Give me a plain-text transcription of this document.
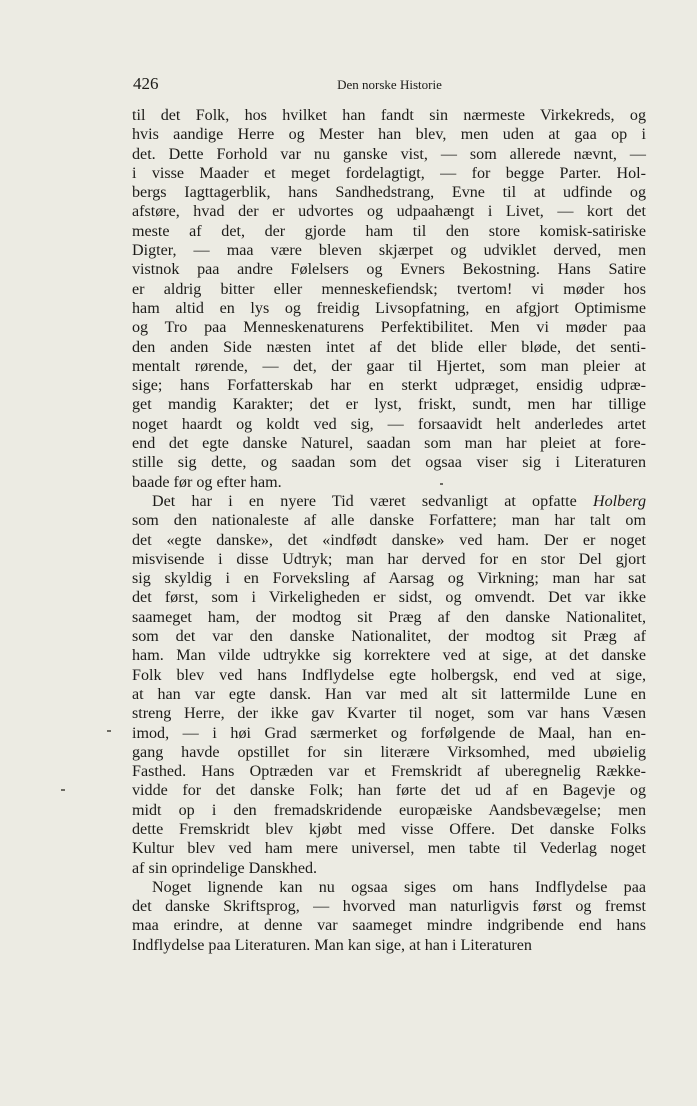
426	Den norske Historie
til det Folk, hos hvilket han fandt sin nærmeste Virkekreds, og
hvis aandige Herre og Mester han blev, men uden at gaa op i
det. Dette Forhold var nu ganske vist, — som allerede nævnt, —
i visse Maader et meget fordelagtigt, — for begge Parter. Hol-
bergs Iagttagerblik, hans Sandhedstrang, Evne til at udfinde og
afstøre, hvad der er udvortes og udpaahængt i Livet, — kort det
meste af det, der gjorde ham til den store komisk-satiriske
Digter, — maa være bleven skjærpet og udviklet derved, men
vistnok paa andre Følelsers og Evners Bekostning. Hans Satire
er aldrig bitter eller menneskefiendsk; tvertom! vi møder hos
ham altid en lys og freidig Livsopfatning, en afgjort Optimisme
og Tro paa Menneskenaturens Perfektibilitet. Men vi møder paa
den anden Side næsten intet af det blide eller bløde, det senti-
mentalt rørende, — det, der gaar til Hjertet, som man pleier at
sige; hans Forfatterskab har en sterkt udpræget, ensidig udpræ-
get mandig Karakter; det er lyst, friskt, sundt, men har tillige
noget haardt og koldt ved sig, — forsaavidt helt anderledes artet
end det egte danske Naturel, saadan som man har pleiet at fore-
stille sig dette, og saadan som det ogsaa viser sig i Literaturen
baade før og efter ham.
Det har i en nyere Tid været sedvanligt at opfatte Holberg
som den nationaleste af alle danske Forfattere; man har talt om
det «egte danske», det «indfødt danske» ved ham. Der er noget
misvisende i disse Udtryk; man har derved for en stor Del gjort
sig skyldig i en Forveksling af Aarsag og Virkning; man har sat
det først, som i Virkeligheden er sidst, og omvendt. Det var ikke
saameget ham, der modtog sit Præg af den danske Nationalitet,
som det var den danske Nationalitet, der modtog sit Præg af
ham. Man vilde udtrykke sig korrektere ved at sige, at det danske
Folk blev ved hans Indflydelse egte holbergsk, end ved at sige,
at han var egte dansk. Han var med alt sit lattermilde Lune en
streng Herre, der ikke gav Kvarter til noget, som var hans Væsen
imod, — i høi Grad særmerket og forfølgende de Maal, han en-
gang havde opstillet for sin literære Virksomhed, med ubøielig
Fasthed. Hans Optræden var et Fremskridt af uberegnelig Række-
vidde for det danske Folk; han førte det ud af en Bagevje og
midt op i den fremadskridende europæiske Aandsbevægelse; men
dette Fremskridt blev kjøbt med visse Offere. Det danske Folks
Kultur blev ved ham mere universel, men tabte til Vederlag noget
af sin oprindelige Danskhed.
Noget lignende kan nu ogsaa siges om hans Indflydelse paa
det danske Skriftsprog, — hvorved man naturligvis først og fremst
maa erindre, at denne var saameget mindre indgribende end hans
Indflydelse paa Literaturen. Man kan sige, at han i Literaturen
